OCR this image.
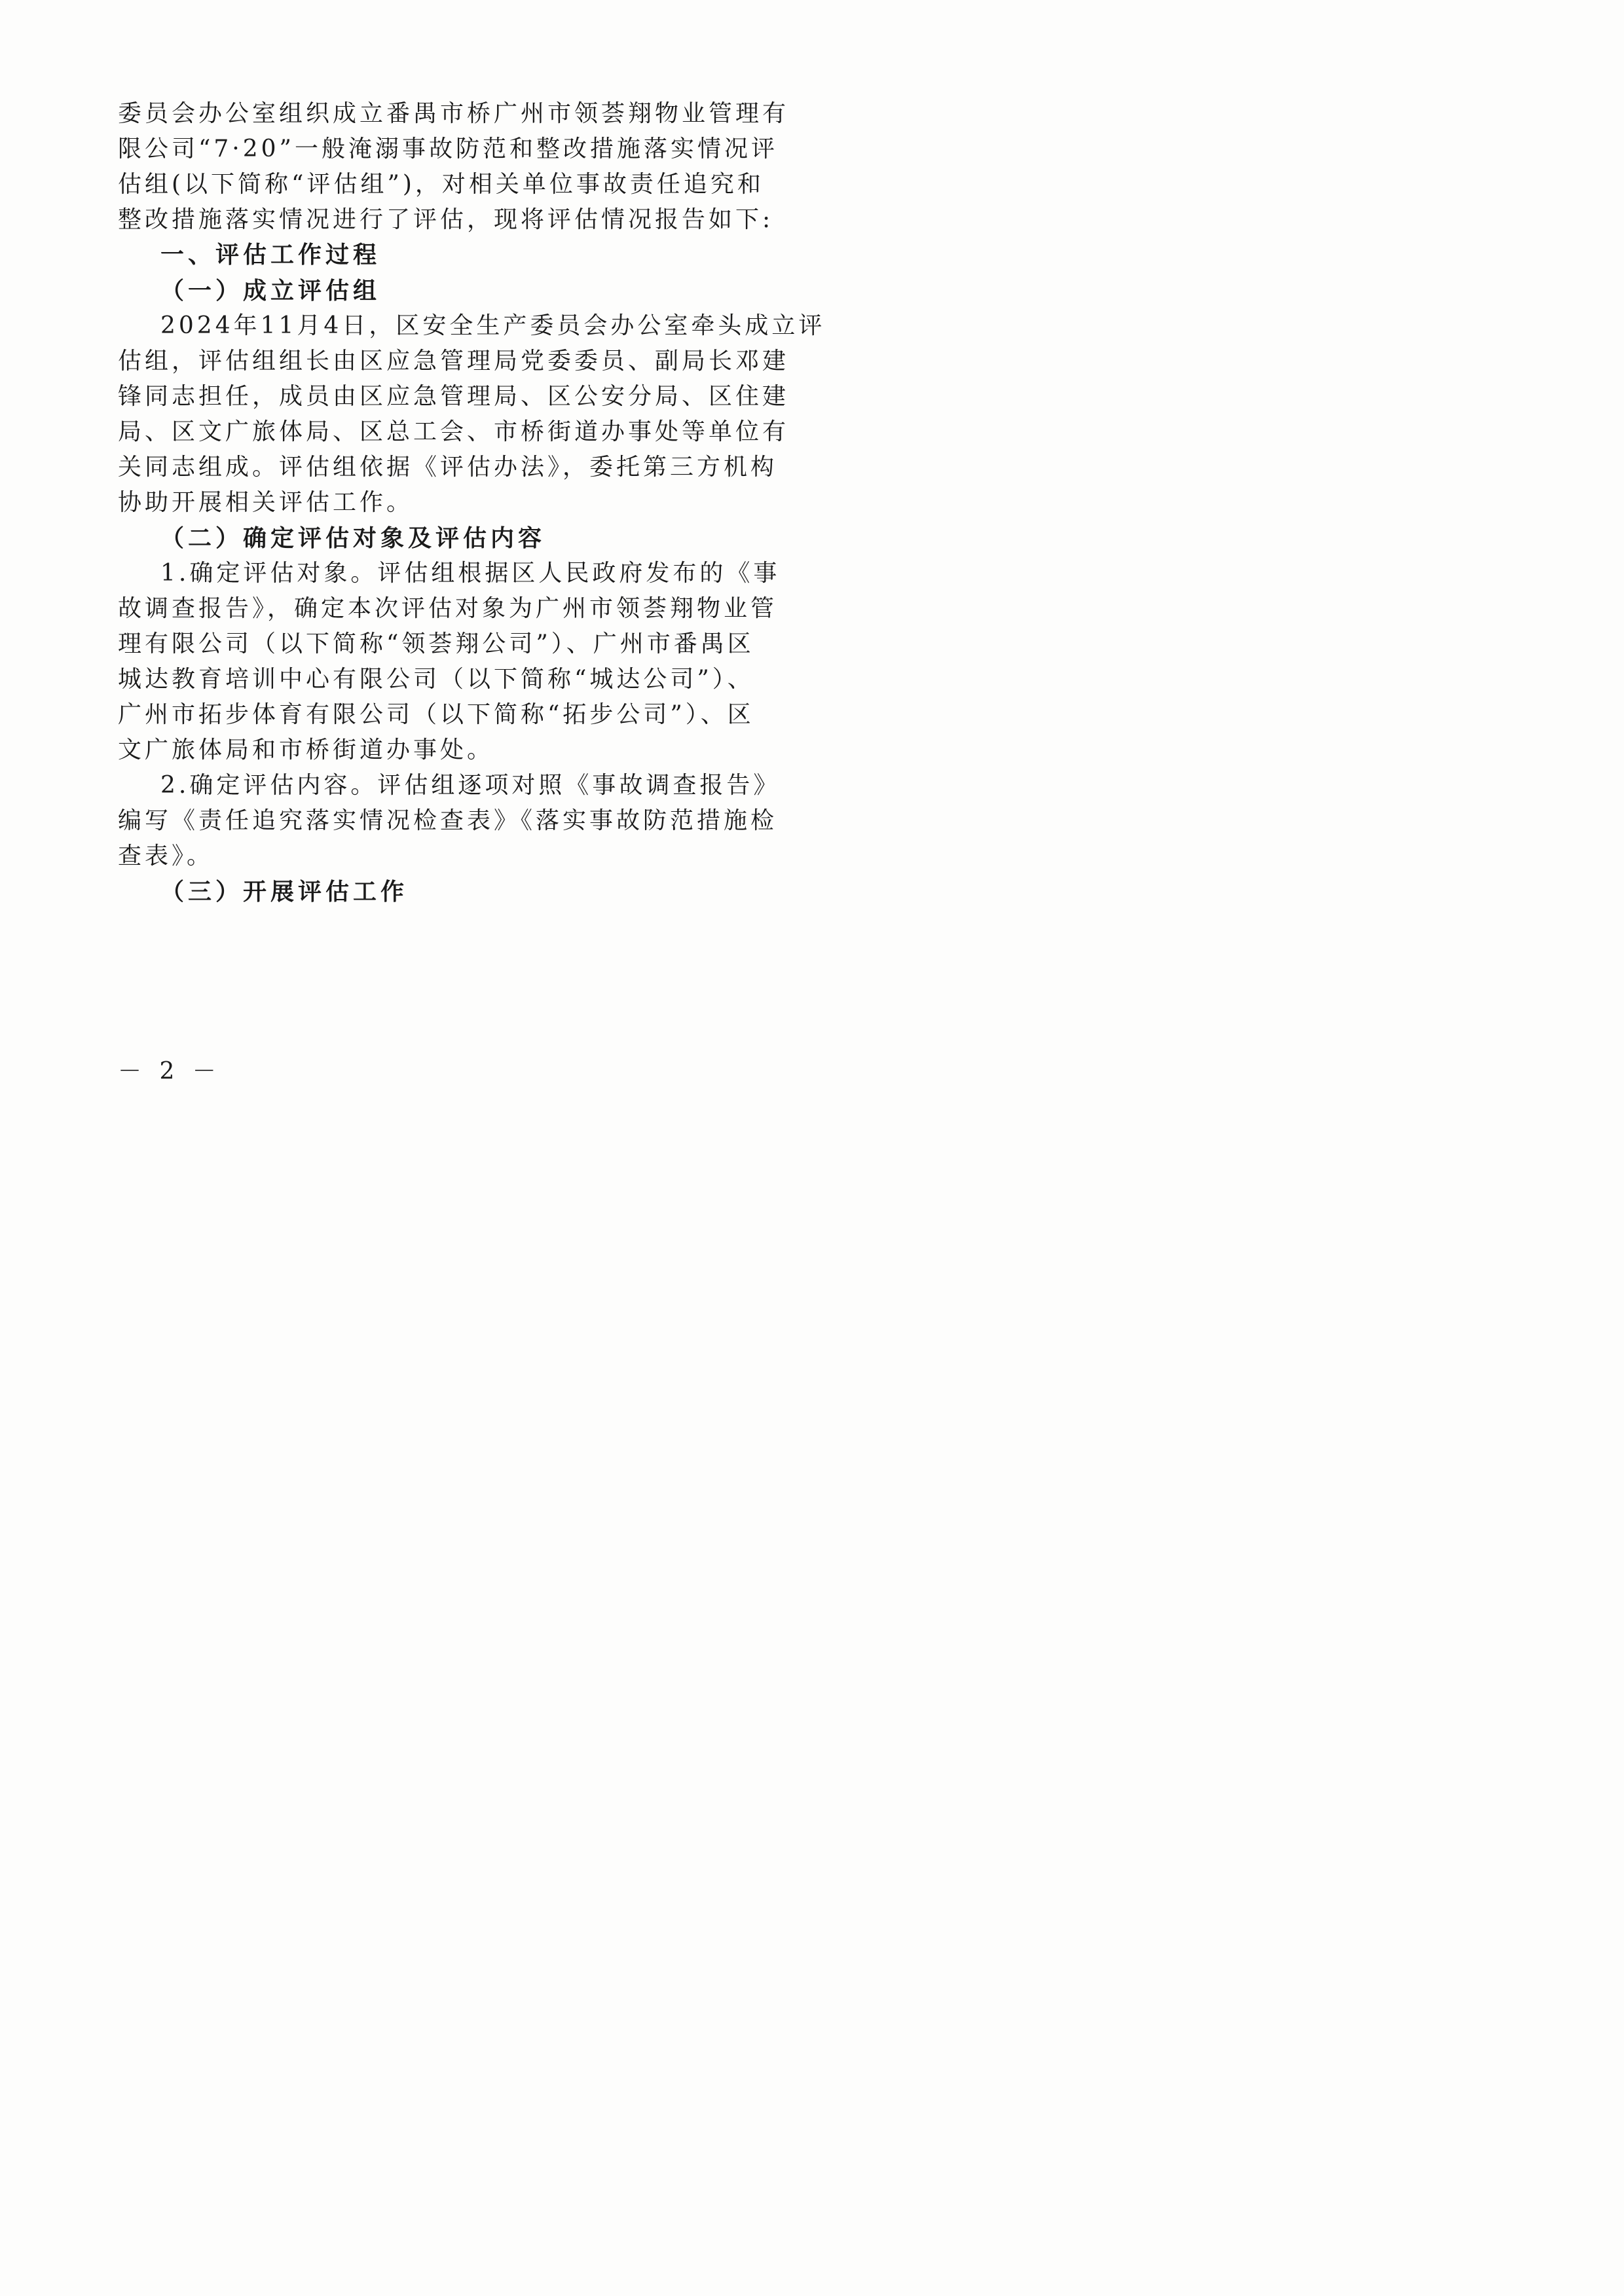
委员会办公室组织成立番禺市桥广州市领荟翔物业管理有
限公司“7·20”一般淹溺事故防范和整改措施落实情况评
估组(以下简称“评估组”)，对相关单位事故责任追究和
整改措施落实情况进行了评估，现将评估情况报告如下:
一、评估工作过程
（一）成立评估组
2024年11月4日，区安全生产委员会办公室牵头成立评
估组，评估组组长由区应急管理局党委委员、副局长邓建
锋同志担任，成员由区应急管理局、区公安分局、区住建
局、区文广旅体局、区总工会、市桥街道办事处等单位有
关同志组成。评估组依据《评估办法》，委托第三方机构
协助开展相关评估工作。
（二）确定评估对象及评估内容
1.确定评估对象。评估组根据区人民政府发布的《事
故调查报告》，确定本次评估对象为广州市领荟翔物业管
理有限公司（以下简称“领荟翔公司”）、广州市番禺区
城达教育培训中心有限公司（以下简称“城达公司”）、
广州市拓步体育有限公司（以下简称“拓步公司”）、区
文广旅体局和市桥街道办事处。
2.确定评估内容。评估组逐项对照《事故调查报告》
编写《责任追究落实情况检查表》《落实事故防范措施检
查表》。
（三）开展评估工作
－ 2 －
